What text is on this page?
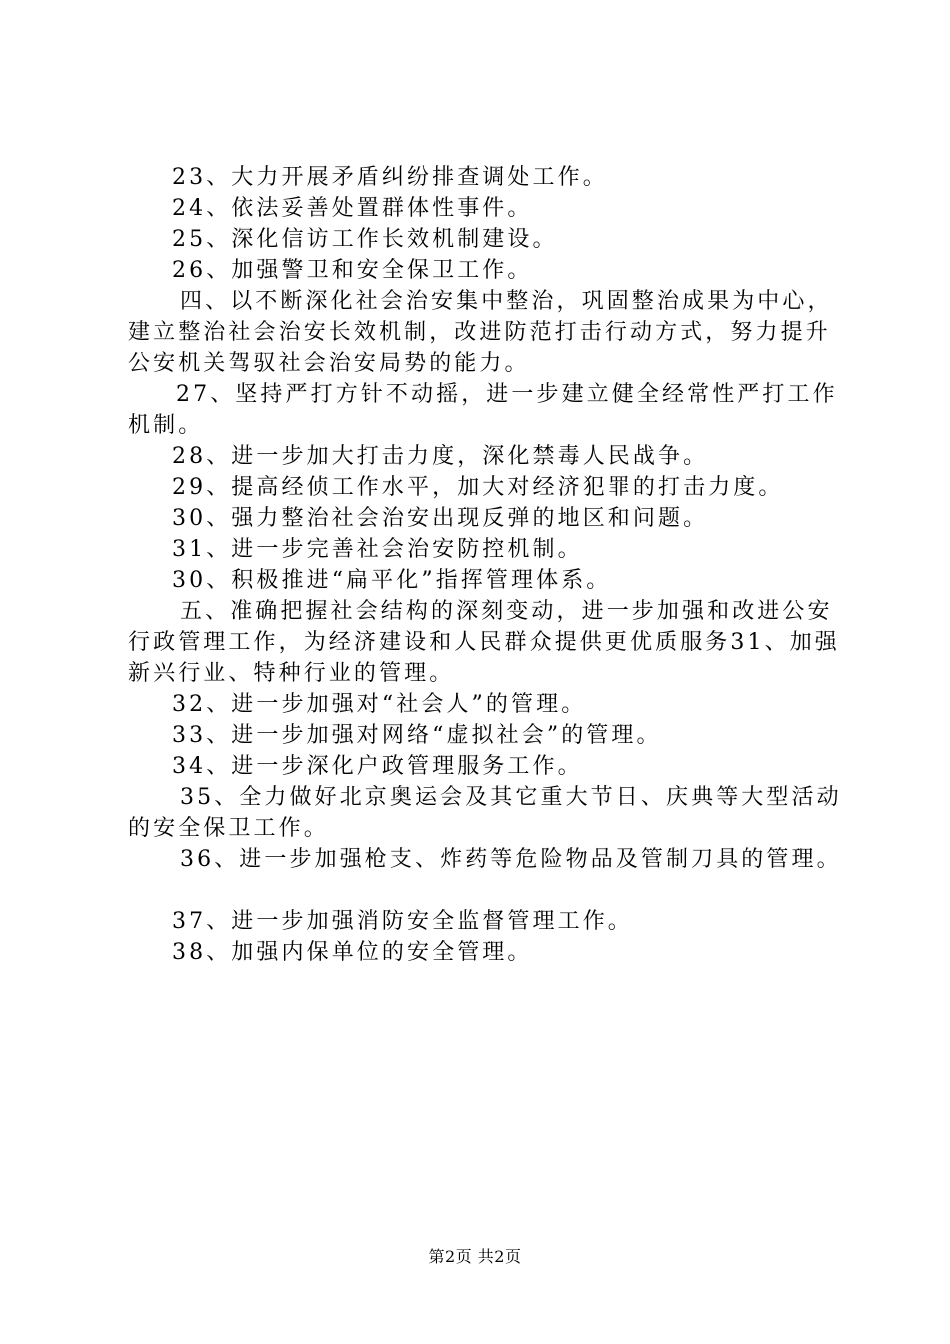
23、大力开展矛盾纠纷排查调处工作。

24、依法妥善处置群体性事件。

25、深化信访工作长效机制建设。

26、加强警卫和安全保卫工作。

四、以不断深化社会治安集中整治，巩固整治成果为中心，建立整治社会治安长效机制，改进防范打击行动方式，努力提升公安机关驾驭社会治安局势的能力。

27、坚持严打方针不动摇，进一步建立健全经常性严打工作机制。

28、进一步加大打击力度，深化禁毒人民战争。

29、提高经侦工作水平，加大对经济犯罪的打击力度。

30、强力整治社会治安出现反弹的地区和问题。

31、进一步完善社会治安防控机制。

30、积极推进“扁平化”指挥管理体系。

五、准确把握社会结构的深刻变动，进一步加强和改进公安行政管理工作，为经济建设和人民群众提供更优质服务31、加强新兴行业、特种行业的管理。

32、进一步加强对“社会人”的管理。

33、进一步加强对网络“虚拟社会”的管理。

34、进一步深化户政管理服务工作。

35、全力做好北京奥运会及其它重大节日、庆典等大型活动的安全保卫工作。

36、进一步加强枪支、炸药等危险物品及管制刀具的管理。

37、进一步加强消防安全监督管理工作。

38、加强内保单位的安全管理。

第2页 共2页
